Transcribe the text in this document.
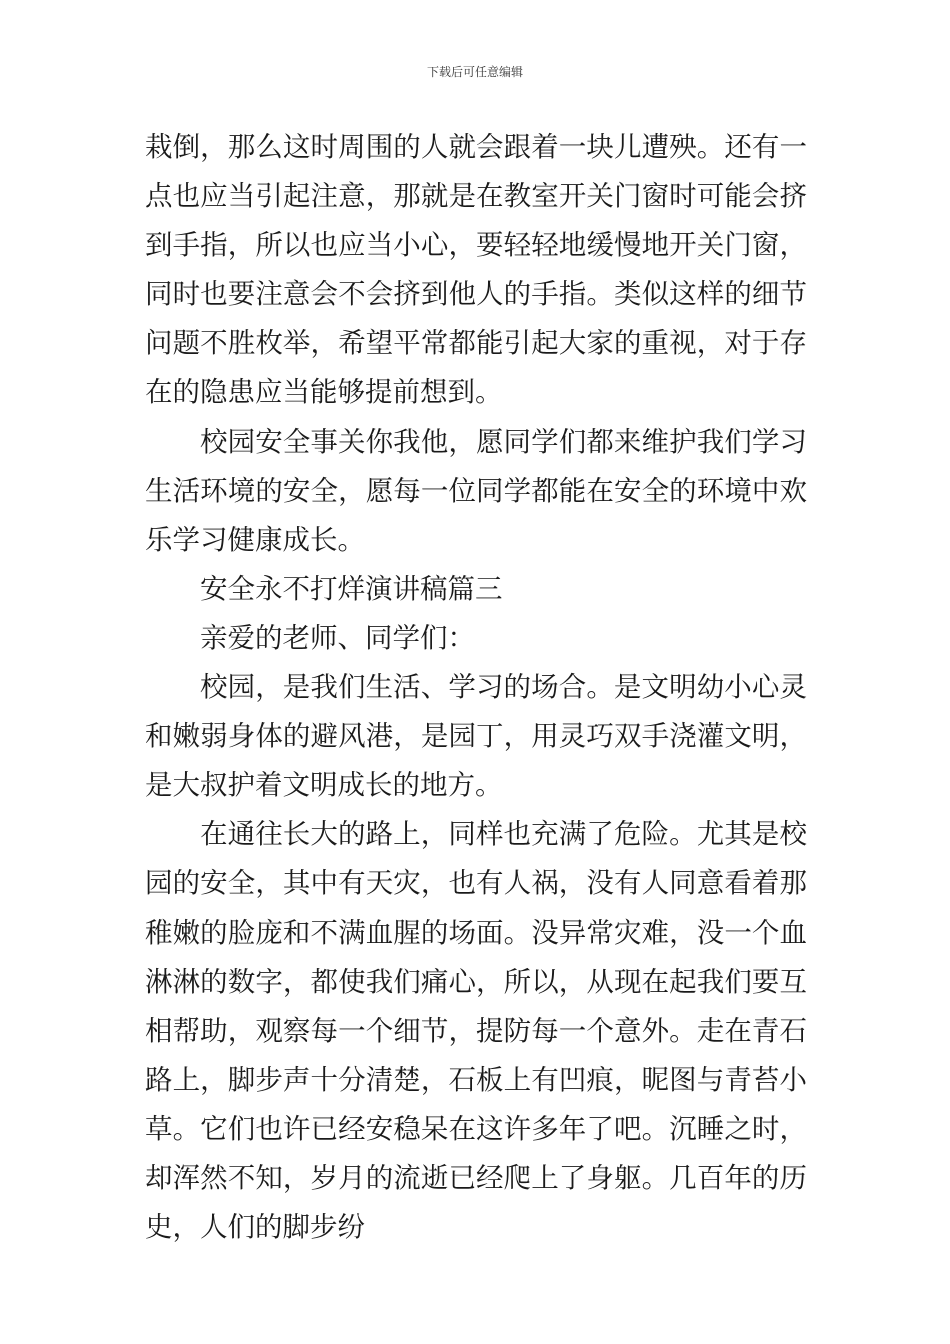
下载后可任意编辑

栽倒，那么这时周围的人就会跟着一块儿遭殃。还有一点也应当引起注意，那就是在教室开关门窗时可能会挤到手指，所以也应当小心，要轻轻地缓慢地开关门窗，同时也要注意会不会挤到他人的手指。类似这样的细节问题不胜枚举，希望平常都能引起大家的重视，对于存在的隐患应当能够提前想到。

校园安全事关你我他，愿同学们都来维护我们学习生活环境的安全，愿每一位同学都能在安全的环境中欢乐学习健康成长。

安全永不打烊演讲稿篇三

亲爱的老师、同学们：

校园，是我们生活、学习的场合。是文明幼小心灵和嫩弱身体的避风港，是园丁，用灵巧双手浇灌文明，是大叔护着文明成长的地方。

在通往长大的路上，同样也充满了危险。尤其是校园的安全，其中有天灾，也有人祸，没有人同意看着那稚嫩的脸庞和不满血腥的场面。没异常灾难，没一个血淋淋的数字，都使我们痛心，所以，从现在起我们要互相帮助，观察每一个细节，提防每一个意外。走在青石路上，脚步声十分清楚，石板上有凹痕，昵图与青苔小草。它们也许已经安稳呆在这许多年了吧。沉睡之时，却浑然不知，岁月的流逝已经爬上了身躯。几百年的历史，人们的脚步纷
